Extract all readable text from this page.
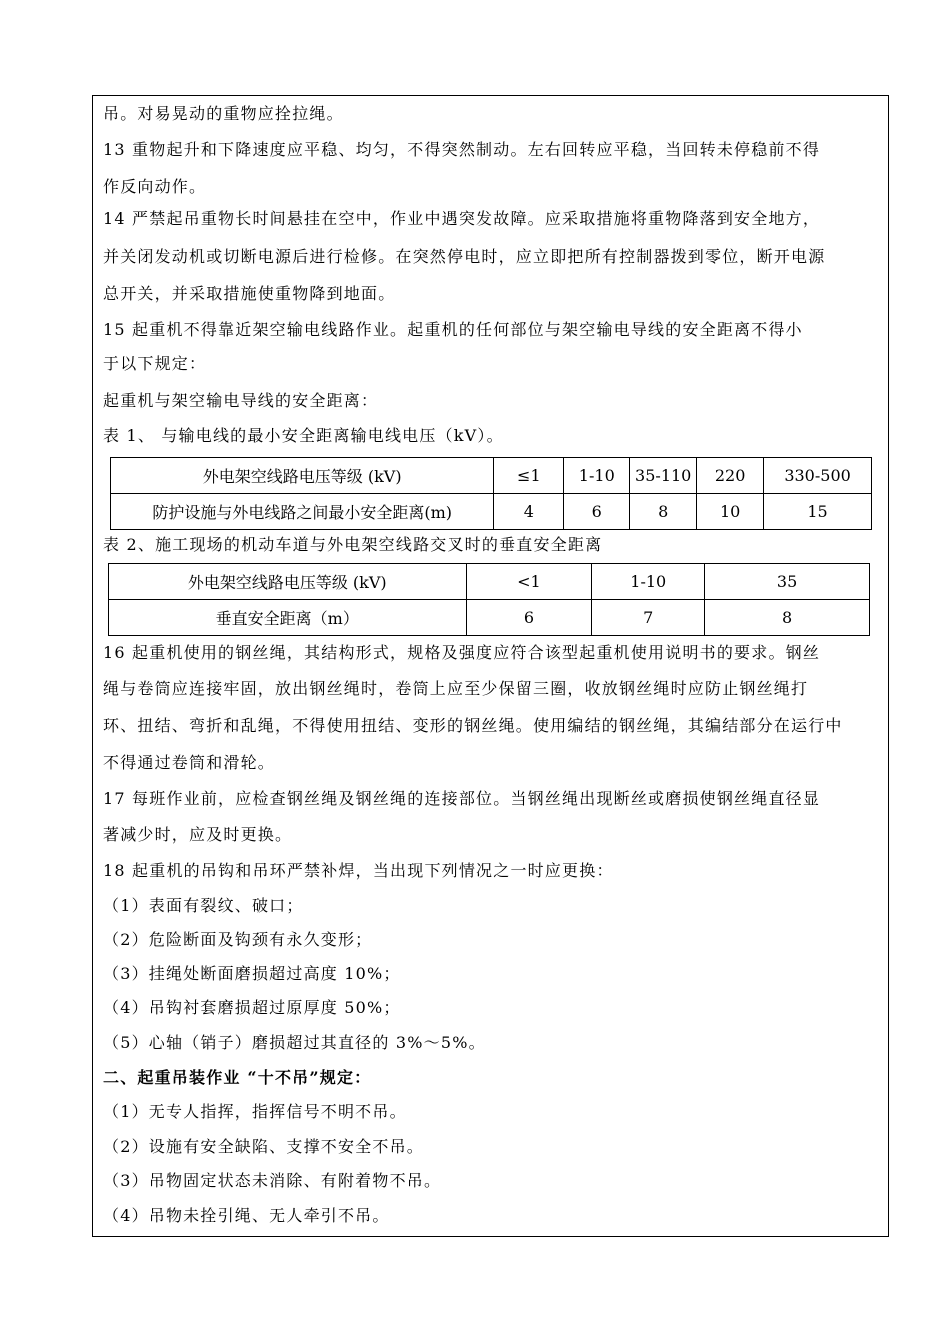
吊。对易晃动的重物应拴拉绳。
13 重物起升和下降速度应平稳、均匀，不得突然制动。左右回转应平稳，当回转未停稳前不得
作反向动作。
14 严禁起吊重物长时间悬挂在空中，作业中遇突发故障。应采取措施将重物降落到安全地方，
并关闭发动机或切断电源后进行检修。在突然停电时，应立即把所有控制器拨到零位，断开电源
总开关，并采取措施使重物降到地面。
15 起重机不得靠近架空输电线路作业。起重机的任何部位与架空输电导线的安全距离不得小
于以下规定：
起重机与架空输电导线的安全距离：
表 1、 与输电线的最小安全距离输电线电压（kV）。
外电架空线路电压等级 (kV)	≤1	1-10	35-110	220	330-500
防护设施与外电线路之间最小安全距离(m)	4	6	8	10	15
表 2、施工现场的机动车道与外电架空线路交叉时的垂直安全距离
外电架空线路电压等级 (kV)	<1	1-10	35
垂直安全距离（m）	6	7	8
16 起重机使用的钢丝绳，其结构形式，规格及强度应符合该型起重机使用说明书的要求。钢丝
绳与卷筒应连接牢固，放出钢丝绳时，卷筒上应至少保留三圈，收放钢丝绳时应防止钢丝绳打
环、扭结、弯折和乱绳，不得使用扭结、变形的钢丝绳。使用编结的钢丝绳，其编结部分在运行中
不得通过卷筒和滑轮。
17 每班作业前，应检查钢丝绳及钢丝绳的连接部位。当钢丝绳出现断丝或磨损使钢丝绳直径显
著减少时，应及时更换。
18 起重机的吊钩和吊环严禁补焊，当出现下列情况之一时应更换：
（1）表面有裂纹、破口；
（2）危险断面及钩颈有永久变形；
（3）挂绳处断面磨损超过高度 10%；
（4）吊钩衬套磨损超过原厚度 50%；
（5）心轴（销子）磨损超过其直径的 3%～5%。
二、起重吊装作业 “十不吊”规定：
（1）无专人指挥，指挥信号不明不吊。
（2）设施有安全缺陷、支撑不安全不吊。
（3）吊物固定状态未消除、有附着物不吊。
（4）吊物未拴引绳、无人牵引不吊。
